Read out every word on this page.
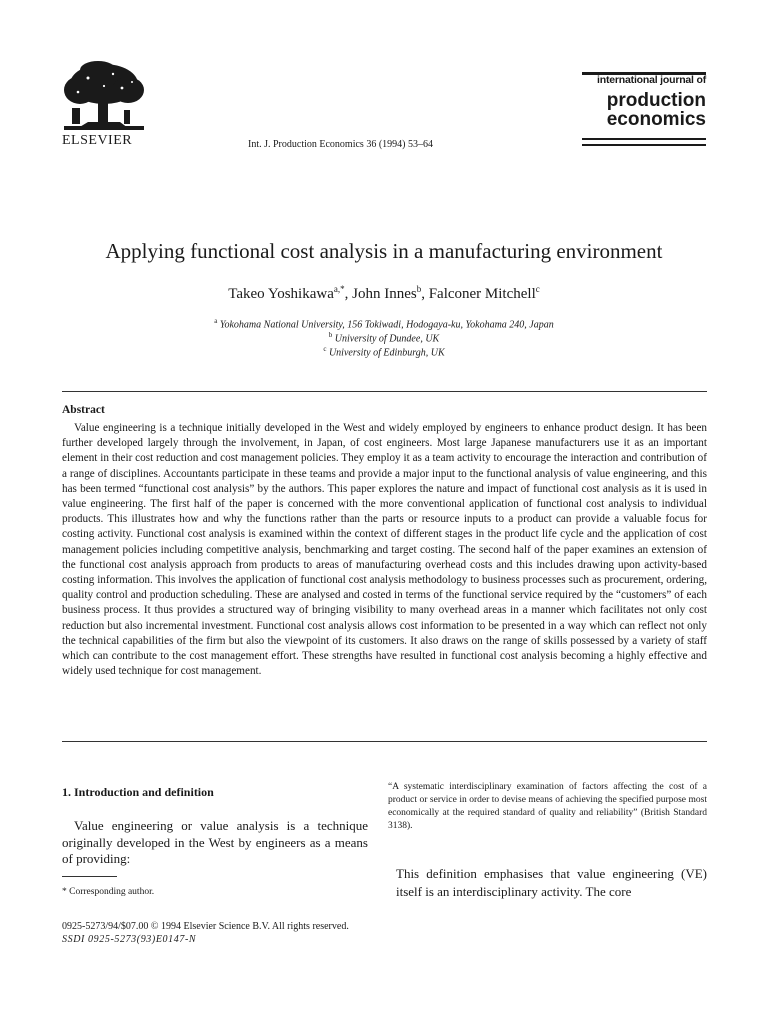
ELSEVIER	Int. J. Production Economics 36 (1994) 53–64
international journal of
production
economics
Applying functional cost analysis in a manufacturing environment
Takeo Yoshikawa$^{a,*}$, John Innes$^b$, Falconer Mitchell$^c$
$^a$ Yokohama National University, 156 Tokiwadi, Hodogaya-ku, Yokohama 240, Japan
$^b$ University of Dundee, UK
$^c$ University of Edinburgh, UK
Abstract

Value engineering is a technique initially developed in the West and widely employed by engineers to enhance product design. It has been further developed largely through the involvement, in Japan, of cost engineers. Most large Japanese manufacturers use it as an important element in their cost reduction and cost management policies. They employ it as a team activity to encourage the interaction and contribution of a range of disciplines. Accountants participate in these teams and provide a major input to the functional analysis of value engineering, and this has been termed “functional cost analysis” by the authors. This paper explores the nature and impact of functional cost analysis as it is used in value engineering. The first half of the paper is concerned with the more conventional application of functional cost analysis to individual products. This illustrates how and why the functions rather than the parts or resource inputs to a product can provide a valuable focus for costing activity. Functional cost analysis is examined within the context of different stages in the product life cycle and the application of cost management policies including competitive analysis, benchmarking and target costing. The second half of the paper examines an extension of the functional cost analysis approach from products to areas of manufacturing overhead costs and this includes drawing upon activity-based costing information. This involves the application of functional cost analysis methodology to business processes such as procurement, ordering, quality control and production scheduling. These are analysed and costed in terms of the functional service required by the “customers” of each business process. It thus provides a structured way of bringing visibility to many overhead areas in a manner which facilitates not only cost reduction but also incremental investment. Functional cost analysis allows cost information to be presented in a way which can reflect not only the technical capabilities of the firm but also the viewpoint of its customers. It also draws on the range of skills possessed by a variety of staff which can contribute to the cost management effort. These strengths have resulted in functional cost analysis becoming a highly effective and widely used technique for cost management.

1. Introduction and definition

Value engineering or value analysis is a technique originally developed in the West by engineers as a means of providing:

* Corresponding author.

“A systematic interdisciplinary examination of factors affecting the cost of a product or service in order to devise means of achieving the specified purpose most economically at the required standard of quality and reliability” (British Standard 3138).

This definition emphasises that value engineering (VE) itself is an interdisciplinary activity. The core

0925-5273/94/$07.00 © 1994 Elsevier Science B.V. All rights reserved.
SSDI 0925-5273(93)E0147-N
